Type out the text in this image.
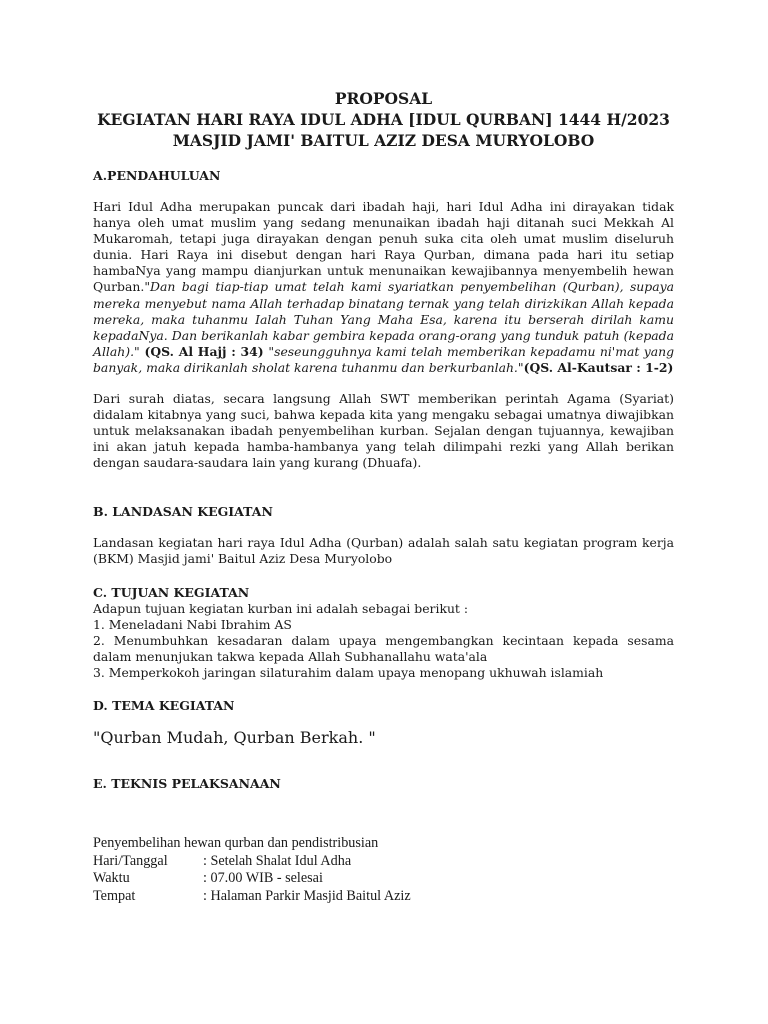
PROPOSAL
KEGIATAN HARI RAYA IDUL ADHA [IDUL QURBAN] 1444 H/2023
MASJID JAMI' BAITUL AZIZ DESA MURYOLOBO
A.PENDAHULUAN

Hari Idul Adha merupakan puncak dari ibadah haji, hari Idul Adha ini dirayakan tidak hanya oleh umat muslim yang sedang menunaikan ibadah haji ditanah suci Mekkah Al Mukaromah, tetapi juga dirayakan dengan penuh suka cita oleh umat muslim diseluruh dunia. Hari Raya ini disebut dengan hari Raya Qurban, dimana pada hari itu setiap hambaNya yang mampu dianjurkan untuk menunaikan kewajibannya menyembelih hewan Qurban."Dan bagi tiap-tiap umat telah kami syariatkan penyembelihan (Qurban), supaya mereka menyebut nama Allah terhadap binatang ternak yang telah dirizkikan Allah kepada mereka, maka tuhanmu Ialah Tuhan Yang Maha Esa, karena itu berserah dirilah kamu kepadaNya. Dan berikanlah kabar gembira kepada orang-orang yang tunduk patuh (kepada Allah)." (QS. Al Hajj : 34) "seseungguhnya kami telah memberikan kepadamu ni'mat yang banyak, maka dirikanlah sholat karena tuhanmu dan berkurbanlah."(QS. Al-Kautsar : 1-2)

Dari surah diatas, secara langsung Allah SWT memberikan perintah Agama (Syariat) didalam kitabnya yang suci, bahwa kepada kita yang mengaku sebagai umatnya diwajibkan untuk melaksanakan ibadah penyembelihan kurban. Sejalan dengan tujuannya, kewajiban ini akan jatuh kepada hamba-hambanya yang telah dilimpahi rezki yang Allah berikan dengan saudara-saudara lain yang kurang (Dhuafa).

B. LANDASAN KEGIATAN

Landasan kegiatan hari raya Idul Adha (Qurban) adalah salah satu kegiatan program kerja (BKM) Masjid jami' Baitul Aziz Desa Muryolobo

C. TUJUAN KEGIATAN

Adapun tujuan kegiatan kurban ini adalah sebagai berikut :

1. Meneladani Nabi Ibrahim AS

2. Menumbuhkan kesadaran dalam upaya mengembangkan kecintaan kepada sesama dalam menunjukan takwa kepada Allah Subhanallahu wata'ala

3. Memperkokoh jaringan silaturahim dalam upaya menopang ukhuwah islamiah

D. TEMA KEGIATAN
"Qurban Mudah, Qurban Berkah. "
E. TEKNIS PELAKSANAAN
Penyembelihan hewan qurban dan pendistribusian
Hari/Tanggal : Setelah Shalat Idul Adha
Waktu	: 07.00 WIB - selesai
Tempat	: Halaman Parkir Masjid Baitul Aziz
